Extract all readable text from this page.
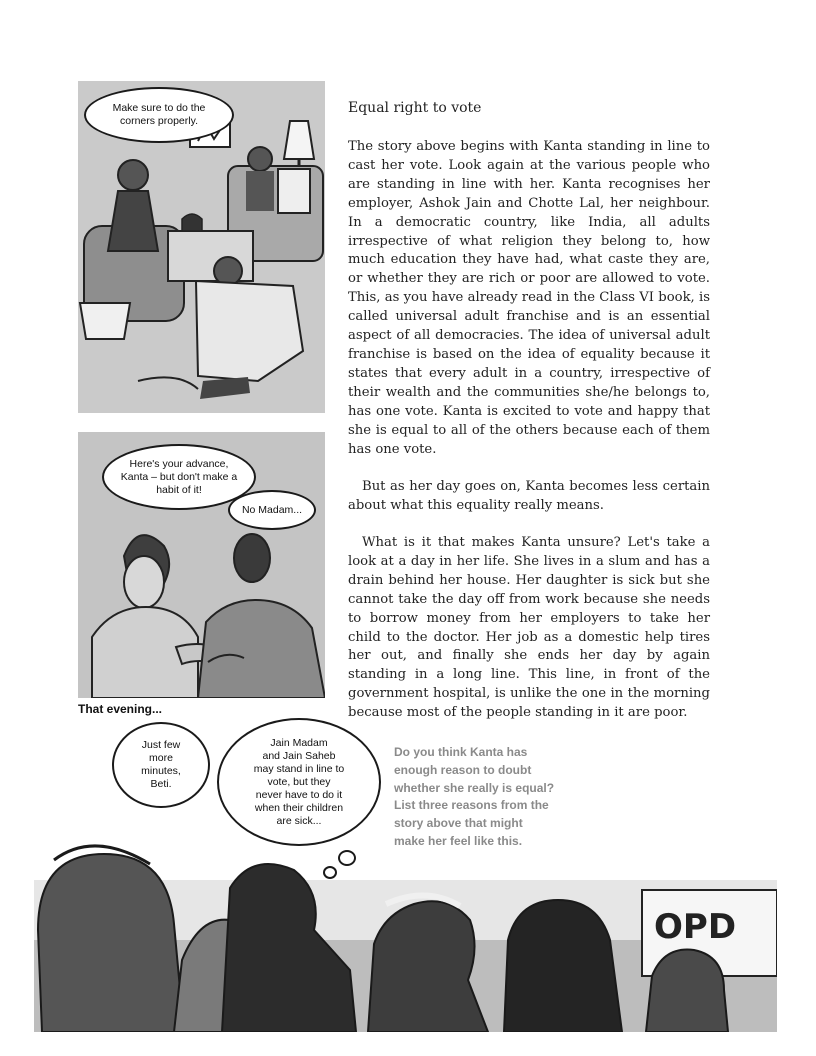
Make sure to do the
corners properly.
Here's your advance,
Kanta – but don't make a
habit of it!
No Madam...
That evening...
Equal right to vote

The story above begins with Kanta standing in line to cast her vote. Look again at the various people who are standing in line with her. Kanta recognises her employer, Ashok Jain and Chotte Lal, her neighbour. In a democratic country, like India, all adults irrespective of what religion they belong to, how much education they have had, what caste they are, or whether they are rich or poor are allowed to vote. This, as you have already read in the Class VI book, is called universal adult franchise and is an essential aspect of all democracies. The idea of universal adult franchise is based on the idea of equality because it states that every adult in a country, irrespective of their wealth and the communities she/he belongs to, has one vote. Kanta is excited to vote and happy that she is equal to all of the others because each of them has one vote.

But as her day goes on, Kanta becomes less certain about what this equality really means.

What is it that makes Kanta unsure? Let's take a look at a day in her life. She lives in a slum and has a drain behind her house. Her daughter is sick but she cannot take the day off from work because she needs to borrow money from her employers to take her child to the doctor. Her job as a domestic help tires her out, and finally she ends her day by again standing in a long line. This line, in front of the government hospital, is unlike the one in the morning because most of the people standing in it are poor.

Just few
more
minutes,
Beti.
Jain Madam
and Jain Saheb
may stand in line to
vote, but they
never have to do it
when their children
are sick...
Do you think Kanta has
enough reason to doubt
whether she really is equal?
List three reasons from the
story above that might
make her feel like this.
OPD
